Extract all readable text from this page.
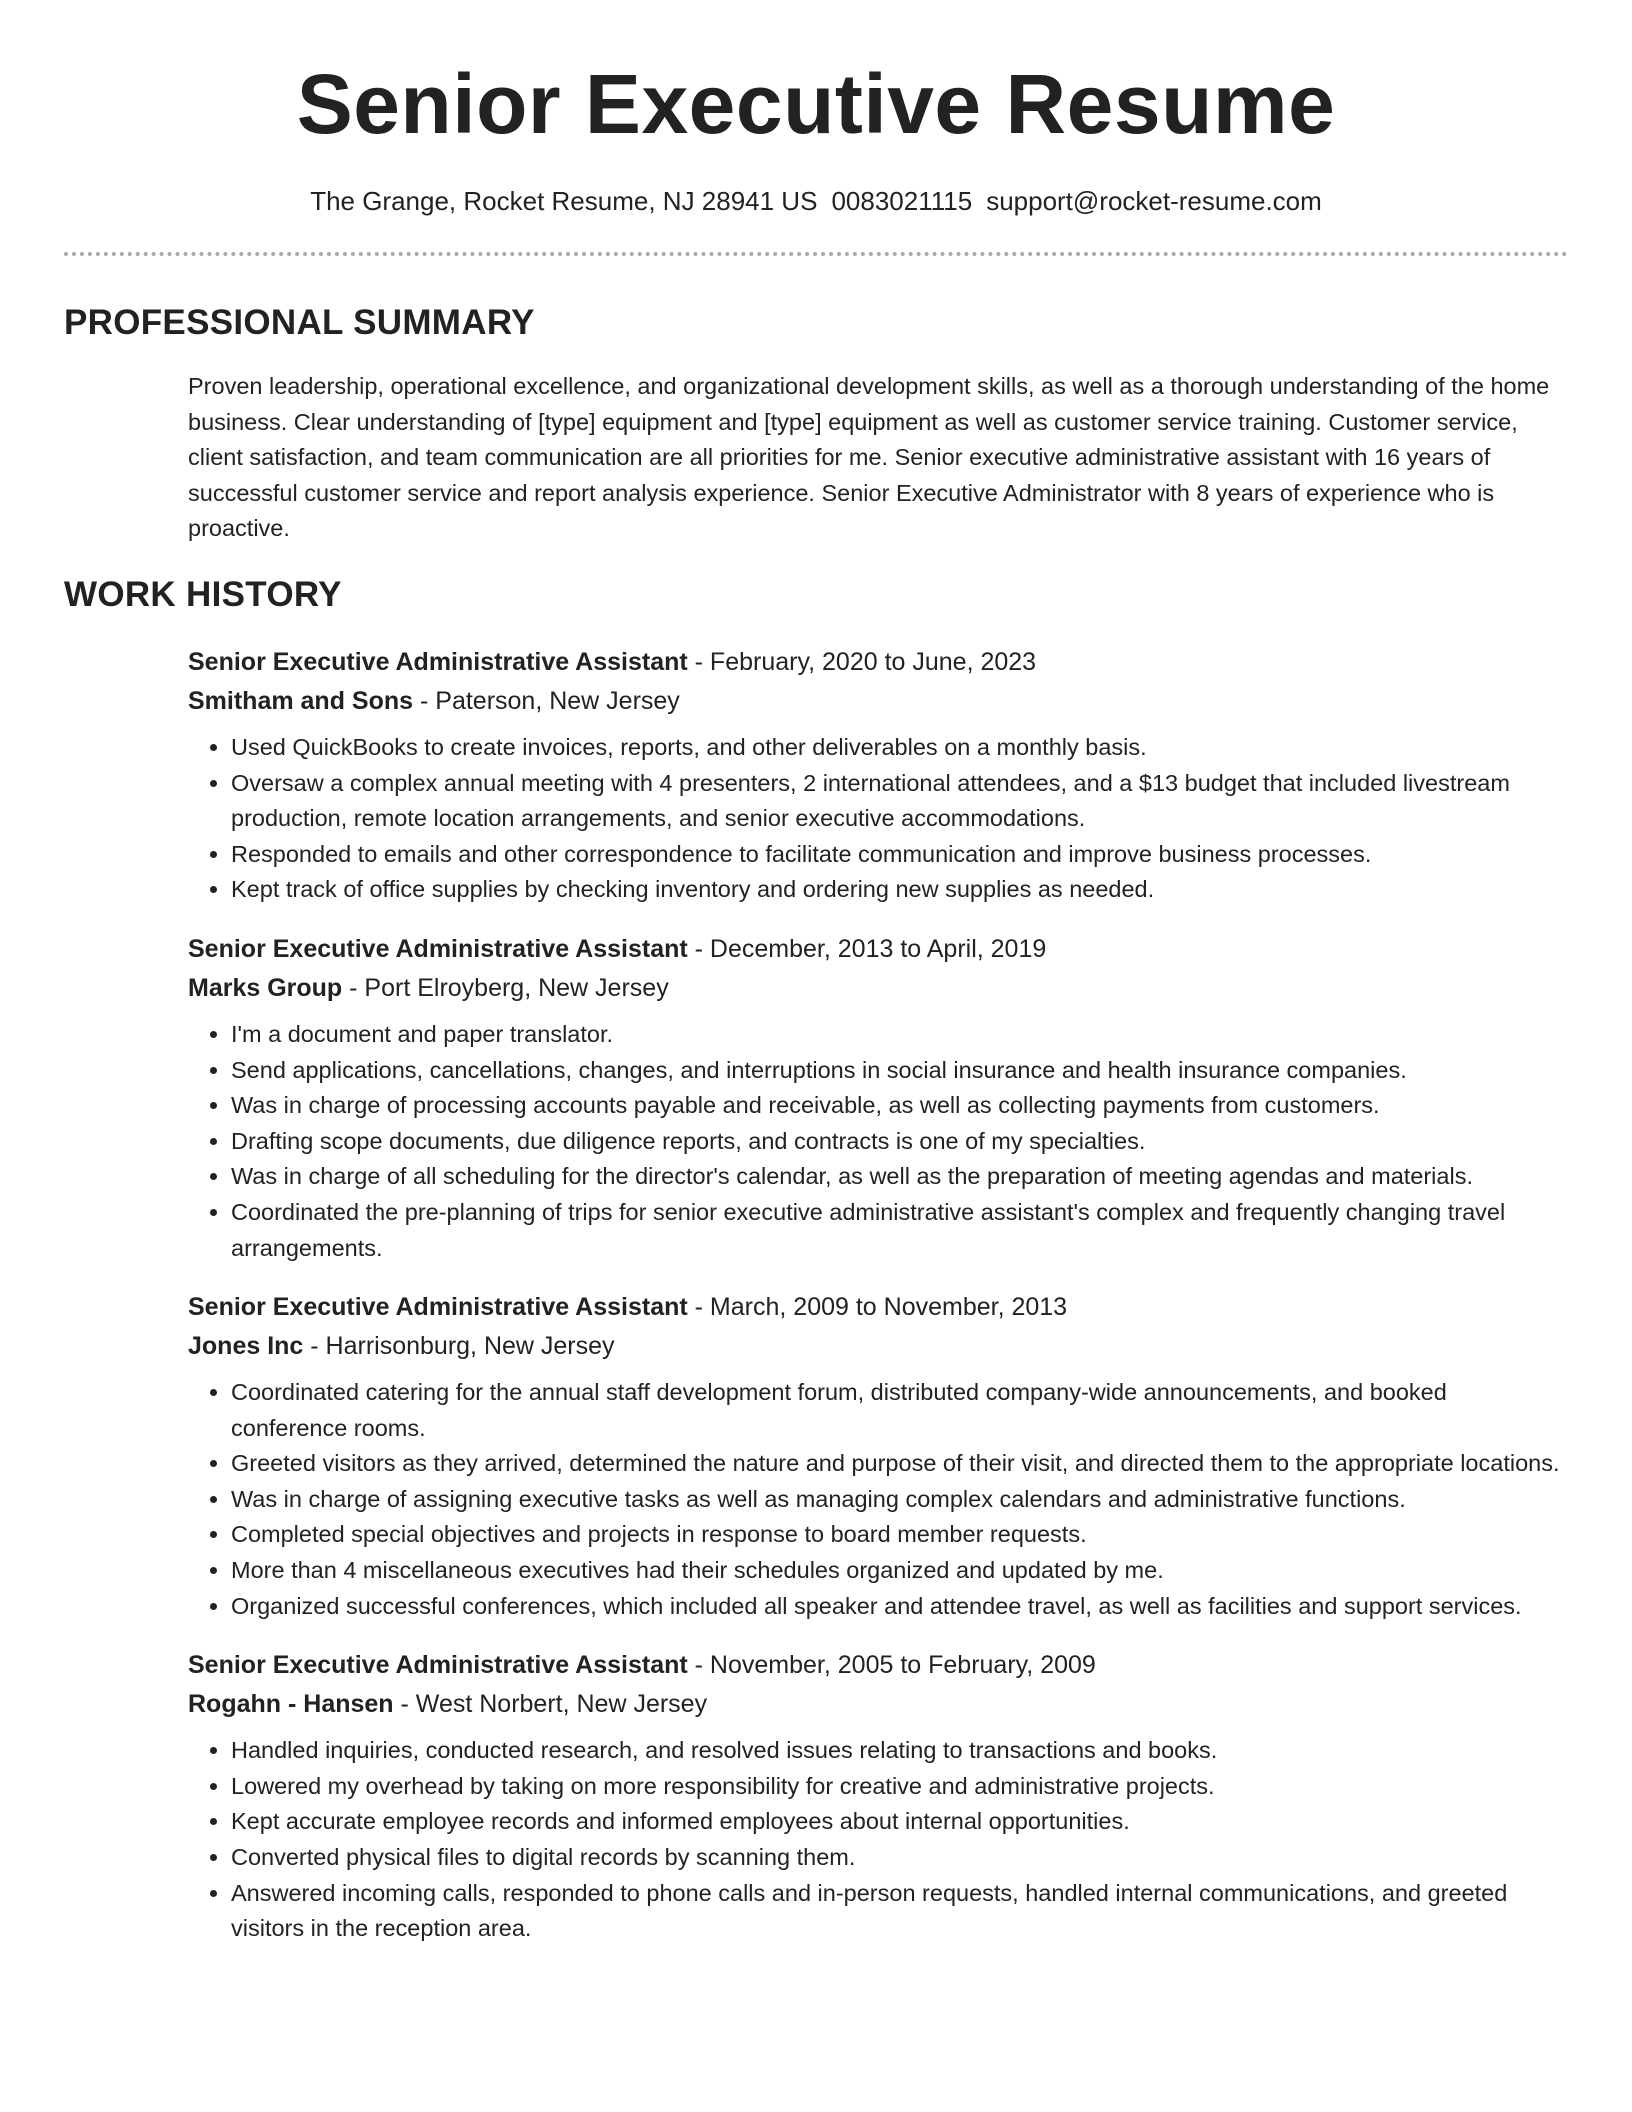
Senior Executive Resume
The Grange, Rocket Resume, NJ 28941 US 0083021115 support@rocket-resume.com
PROFESSIONAL SUMMARY
Proven leadership, operational excellence, and organizational development skills, as well as a thorough understanding of the home business. Clear understanding of [type] equipment and [type] equipment as well as customer service training. Customer service, client satisfaction, and team communication are all priorities for me. Senior executive administrative assistant with 16 years of successful customer service and report analysis experience. Senior Executive Administrator with 8 years of experience who is proactive.
WORK HISTORY
Senior Executive Administrative Assistant - February, 2020 to June, 2023
Smitham and Sons - Paterson, New Jersey
• Used QuickBooks to create invoices, reports, and other deliverables on a monthly basis.
• Oversaw a complex annual meeting with 4 presenters, 2 international attendees, and a $13 budget that included livestream production, remote location arrangements, and senior executive accommodations.
• Responded to emails and other correspondence to facilitate communication and improve business processes.
• Kept track of office supplies by checking inventory and ordering new supplies as needed.
Senior Executive Administrative Assistant - December, 2013 to April, 2019
Marks Group - Port Elroyberg, New Jersey
• I'm a document and paper translator.
• Send applications, cancellations, changes, and interruptions in social insurance and health insurance companies.
• Was in charge of processing accounts payable and receivable, as well as collecting payments from customers.
• Drafting scope documents, due diligence reports, and contracts is one of my specialties.
• Was in charge of all scheduling for the director's calendar, as well as the preparation of meeting agendas and materials.
• Coordinated the pre-planning of trips for senior executive administrative assistant's complex and frequently changing travel arrangements.
Senior Executive Administrative Assistant - March, 2009 to November, 2013
Jones Inc - Harrisonburg, New Jersey
• Coordinated catering for the annual staff development forum, distributed company-wide announcements, and booked conference rooms.
• Greeted visitors as they arrived, determined the nature and purpose of their visit, and directed them to the appropriate locations.
• Was in charge of assigning executive tasks as well as managing complex calendars and administrative functions.
• Completed special objectives and projects in response to board member requests.
• More than 4 miscellaneous executives had their schedules organized and updated by me.
• Organized successful conferences, which included all speaker and attendee travel, as well as facilities and support services.
Senior Executive Administrative Assistant - November, 2005 to February, 2009
Rogahn - Hansen - West Norbert, New Jersey
• Handled inquiries, conducted research, and resolved issues relating to transactions and books.
• Lowered my overhead by taking on more responsibility for creative and administrative projects.
• Kept accurate employee records and informed employees about internal opportunities.
• Converted physical files to digital records by scanning them.
• Answered incoming calls, responded to phone calls and in-person requests, handled internal communications, and greeted visitors in the reception area.
